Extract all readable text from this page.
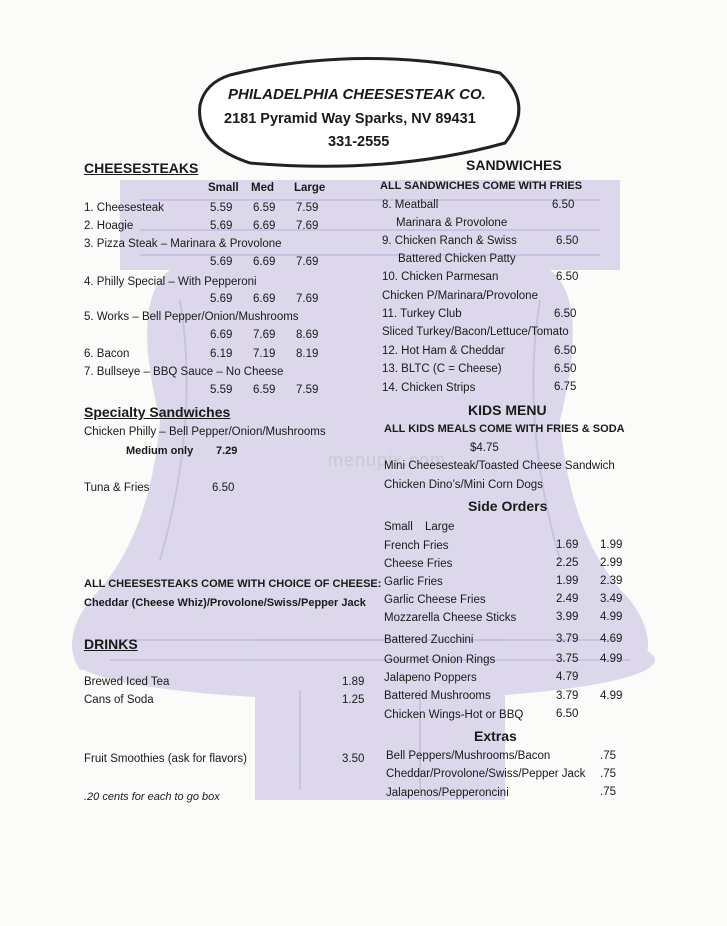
PHILADELPHIA CHEESESTEAK CO.
2181 Pyramid Way Sparks, NV 89431
331-2555
menupix.com
CHEESESTEAKS
Small Med Large
1. Cheesesteak	5.59 6.59 7.59
2. Hoagie	5.69 6.69 7.69
3. Pizza Steak – Marinara & Provolone
5.69 6.69 7.69
4. Philly Special – With Pepperoni
5.69 6.69 7.69
5. Works – Bell Pepper/Onion/Mushrooms
6.69 7.69 8.69
6. Bacon	6.19 7.19 8.19
7. Bullseye – BBQ Sauce – No Cheese
5.59 6.59 7.59
Specialty Sandwiches
Chicken Philly – Bell Pepper/Onion/Mushrooms
Medium only 7.29
Tuna & Fries	6.50
ALL CHEESESTEAKS COME WITH CHOICE OF CHEESE:
Cheddar (Cheese Whiz)/Provolone/Swiss/Pepper Jack
DRINKS
Brewed Iced Tea	1.89
Cans of Soda	1.25
Fruit Smoothies (ask for flavors)	3.50
.20 cents for each to go box
SANDWICHES
ALL SANDWICHES COME WITH FRIES
8. Meatball	6.50
Marinara & Provolone
9. Chicken Ranch & Swiss	6.50
Battered Chicken Patty
10. Chicken Parmesan	6.50
Chicken P/Marinara/Provolone
11. Turkey Club	6.50
Sliced Turkey/Bacon/Lettuce/Tomato
12. Hot Ham & Cheddar	6.50
13. BLTC (C = Cheese)	6.50
14. Chicken Strips	6.75
KIDS MENU
ALL KIDS MEALS COME WITH FRIES & SODA
$4.75
Mini Cheesesteak/Toasted Cheese Sandwich
Chicken Dino’s/Mini Corn Dogs
Side Orders
Small Large
French Fries	1.69 1.99
Cheese Fries	2.25 2.99
Garlic Fries	1.99 2.39
Garlic Cheese Fries	2.49 3.49
Mozzarella Cheese Sticks	3.99 4.99
Battered Zucchini	3.79 4.69
Gourmet Onion Rings	3.75 4.99
Jalapeno Poppers	4.79
Battered Mushrooms	3.79 4.99
Chicken Wings-Hot or BBQ	6.50
Extras
Bell Peppers/Mushrooms/Bacon	.75
Cheddar/Provolone/Swiss/Pepper Jack .75
Jalapenos/Pepperoncini	.75
